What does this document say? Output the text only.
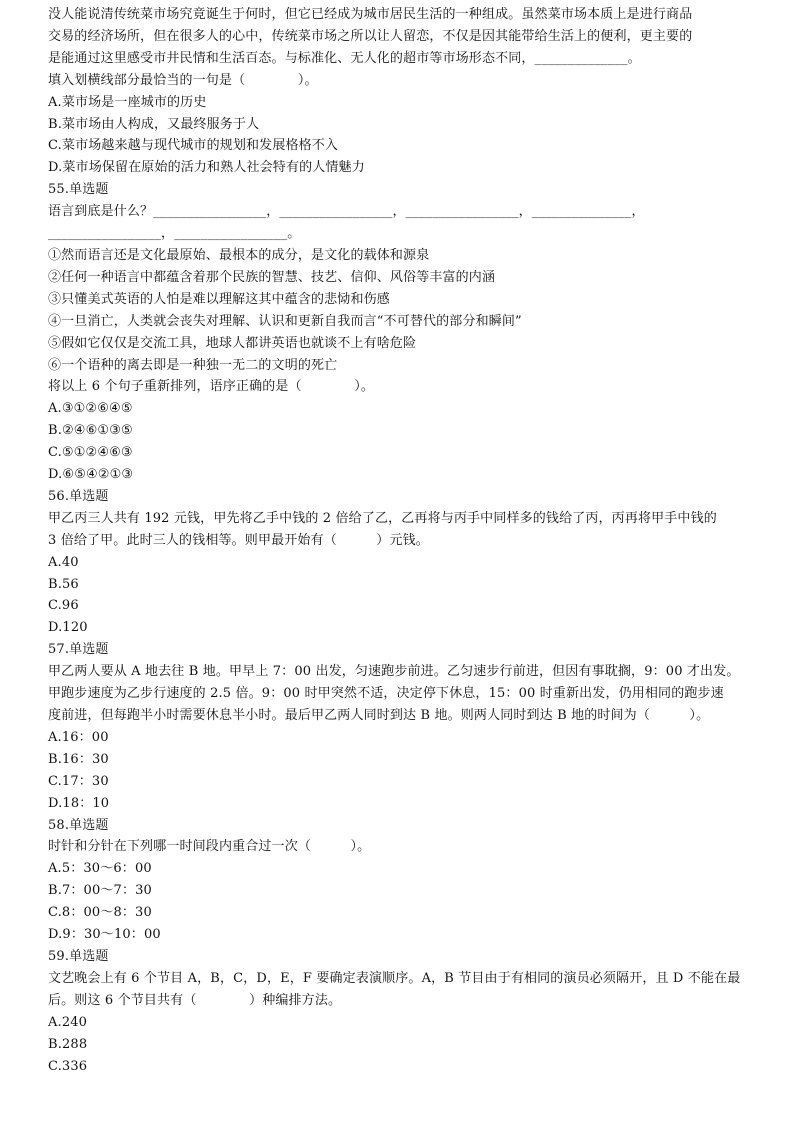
没人能说清传统菜市场究竟诞生于何时，但它已经成为城市居民生活的一种组成。虽然菜市场本质上是进行商品
交易的经济场所，但在很多人的心中，传统菜市场之所以让人留恋，不仅是因其能带给生活上的便利，更主要的
是能通过这里感受市井民情和生活百态。与标准化、无人化的超市等市场形态不同，______________。
填入划横线部分最恰当的一句是（　　　　）。
A.菜市场是一座城市的历史
B.菜市场由人构成，又最终服务于人
C.菜市场越来越与现代城市的规划和发展格格不入
D.菜市场保留在原始的活力和熟人社会特有的人情魅力
55.单选题
语言到底是什么？_________________，_________________，_________________，_______________，
_________________，_________________。
①然而语言还是文化最原始、最根本的成分，是文化的载体和源泉
②任何一种语言中都蕴含着那个民族的智慧、技艺、信仰、风俗等丰富的内涵
③只懂美式英语的人怕是难以理解这其中蕴含的悲恸和伤感
④一旦消亡，人类就会丧失对理解、认识和更新自我而言“不可替代的部分和瞬间”
⑤假如它仅仅是交流工具，地球人都讲英语也就谈不上有啥危险
⑥一个语种的离去即是一种独一无二的文明的死亡
将以上 6 个句子重新排列，语序正确的是（　　　　）。
A.③①②⑥④⑤
B.②④⑥①③⑤
C.⑤①②④⑥③
D.⑥⑤④②①③
56.单选题
甲乙丙三人共有 192 元钱，甲先将乙手中钱的 2 倍给了乙，乙再将与丙手中同样多的钱给了丙，丙再将甲手中钱的
3 倍给了甲。此时三人的钱相等。则甲最开始有（　　　）元钱。
A.40
B.56
C.96
D.120
57.单选题
甲乙两人要从 A 地去往 B 地。甲早上 7：00 出发，匀速跑步前进。乙匀速步行前进，但因有事耽搁，9：00 才出发。
甲跑步速度为乙步行速度的 2.5 倍。9：00 时甲突然不适，决定停下休息，15：00 时重新出发，仍用相同的跑步速
度前进，但每跑半小时需要休息半小时。最后甲乙两人同时到达 B 地。则两人同时到达 B 地的时间为（　　　）。
A.16：00
B.16：30
C.17：30
D.18：10
58.单选题
时针和分针在下列哪一时间段内重合过一次（　　　）。
A.5：30～6：00
B.7：00～7：30
C.8：00～8：30
D.9：30～10：00
59.单选题
文艺晚会上有 6 个节目 A，B，C，D，E，F 要确定表演顺序。A，B 节目由于有相同的演员必须隔开，且 D 不能在最
后。则这 6 个节目共有（　　　　）种编排方法。
A.240
B.288
C.336
